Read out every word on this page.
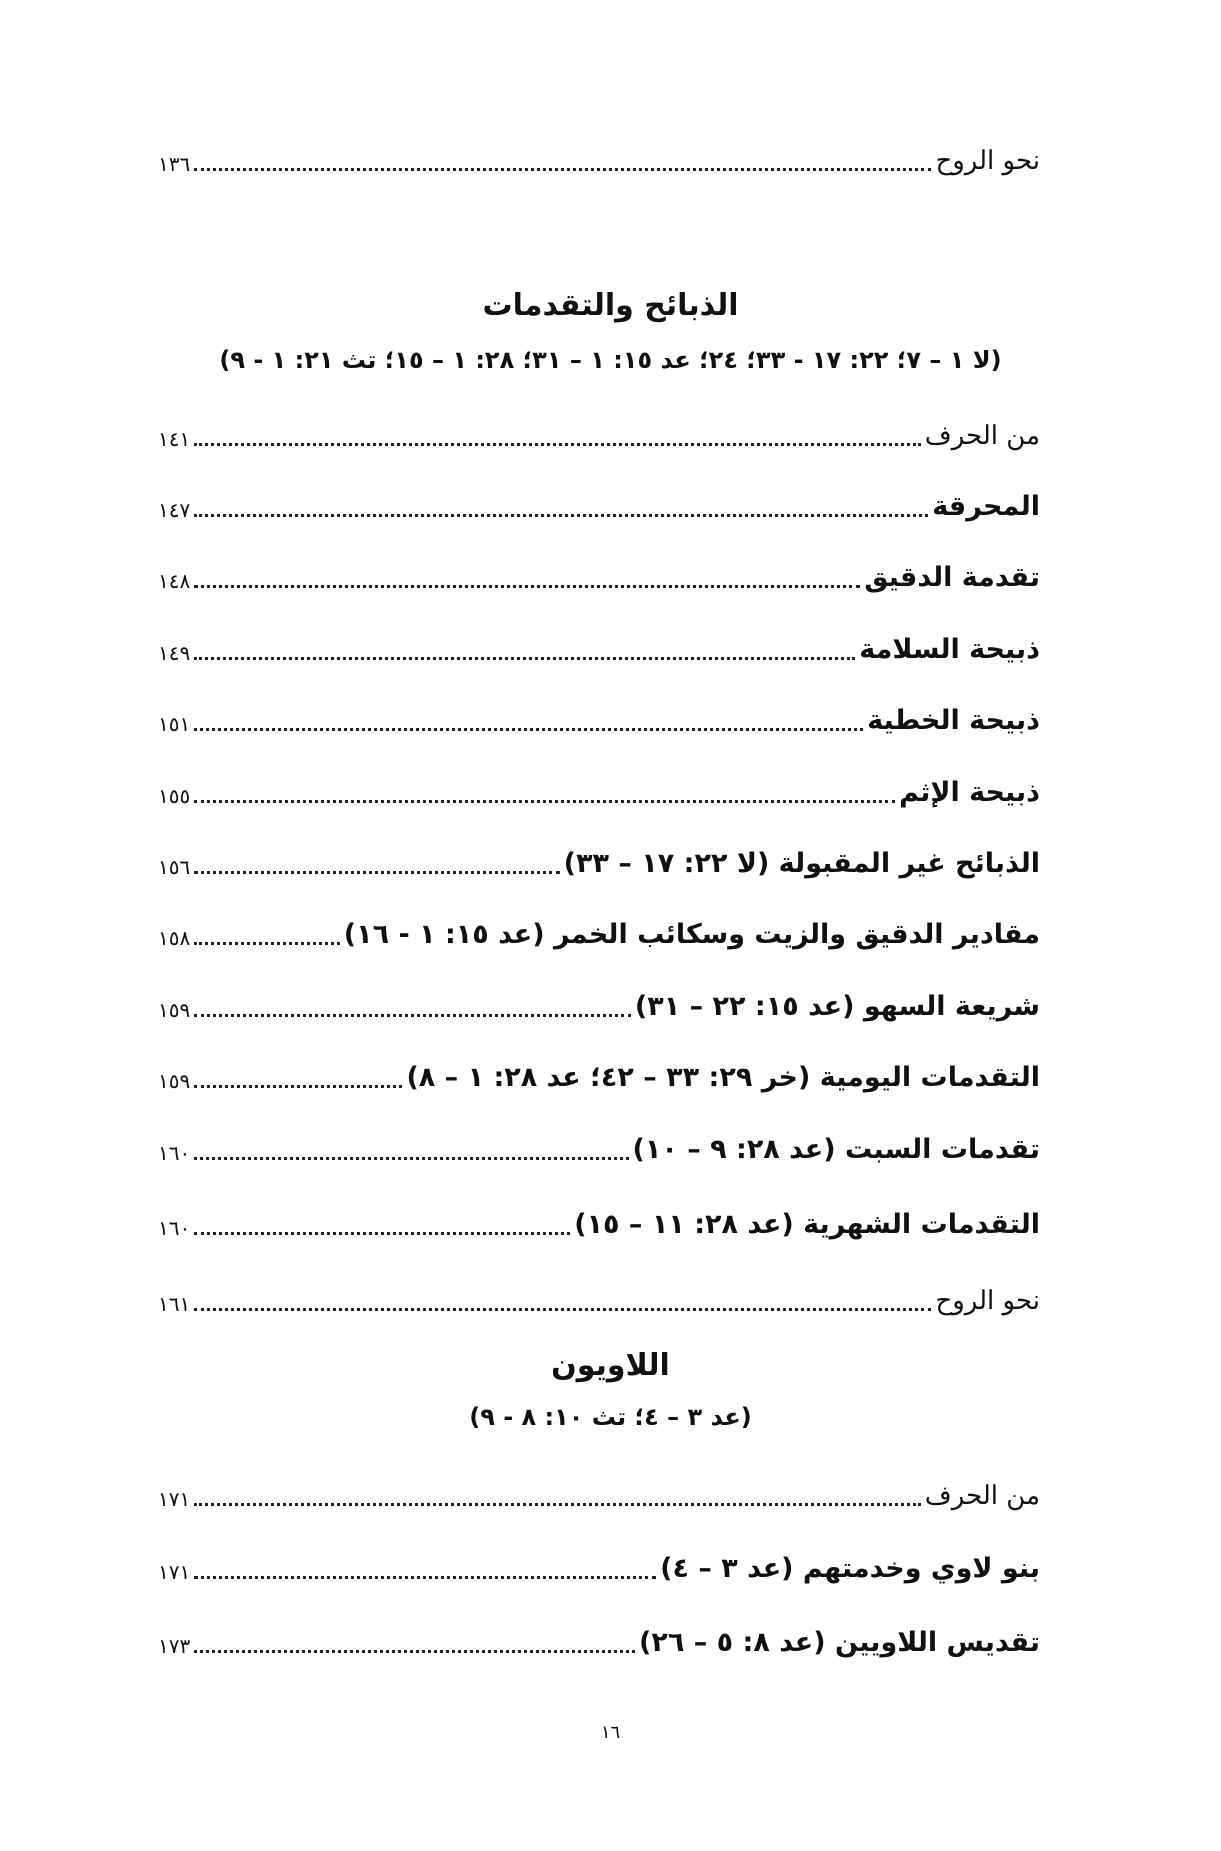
نحو الروح
١٣٦
الذبائح والتقدمات
(لا ١ – ٧؛ ٢٢: ١٧ - ٣٣؛ ٢٤؛ عد ١٥: ١ – ٣١؛ ٢٨: ١ – ١٥؛ تث ٢١: ١ - ٩)
من الحرف
١٤١
المحرقة
١٤٧
تقدمة الدقيق
١٤٨
ذبيحة السلامة
١٤٩
ذبيحة الخطية
١٥١
ذبيحة الإثم
١٥٥
الذبائح غير المقبولة (لا ٢٢: ١٧ – ٣٣)
١٥٦
مقادير الدقيق والزيت وسكائب الخمر (عد ١٥: ١ - ١٦)
١٥٨
شريعة السهو (عد ١٥: ٢٢ – ٣١)
١٥٩
التقدمات اليومية (خر ٢٩: ٣٣ – ٤٢؛ عد ٢٨: ١ – ٨)
١٥٩
تقدمات السبت (عد ٢٨: ٩ – ١٠)
١٦٠
التقدمات الشهرية (عد ٢٨: ١١ – ١٥)
١٦٠
نحو الروح
١٦١
اللاويون
(عد ٣ – ٤؛ تث ١٠: ٨ - ٩)
من الحرف
١٧١
بنو لاوي وخدمتهم (عد ٣ – ٤)
١٧١
تقديس اللاويين (عد ٨: ٥ – ٢٦)
١٧٣
١٦
